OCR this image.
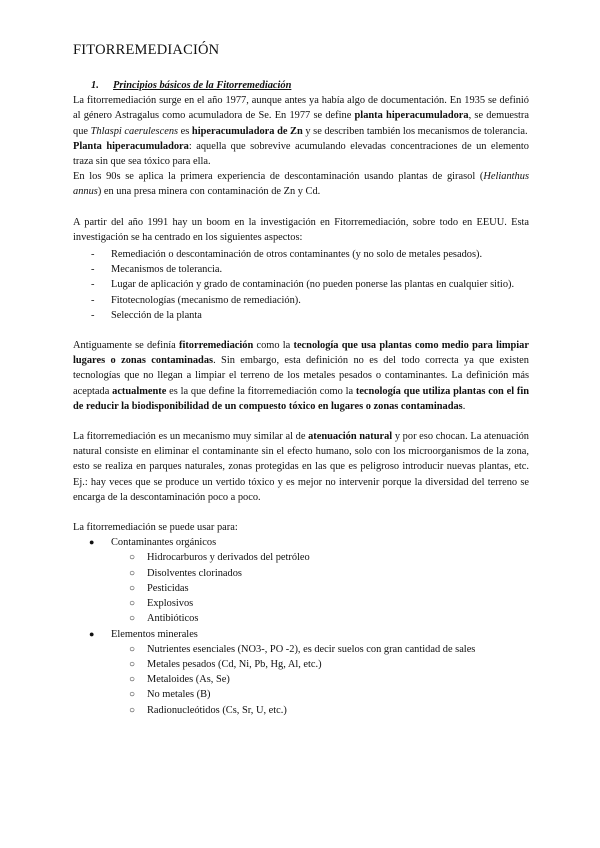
FITORREMEDIACIÓN

1. Principios básicos de la Fitorremediación

La fitorremediación surge en el año 1977, aunque antes ya había algo de documentación. En 1935 se definió al género Astragalus como acumuladora de Se. En 1977 se define planta hiperacumuladora, se demuestra que Thlaspi caerulescens es hiperacumuladora de Zn y se describen también los mecanismos de tolerancia.

Planta hiperacumuladora: aquella que sobrevive acumulando elevadas concentraciones de un elemento traza sin que sea tóxico para ella.

En los 90s se aplica la primera experiencia de descontaminación usando plantas de girasol (Helianthus annus) en una presa minera con contaminación de Zn y Cd.

A partir del año 1991 hay un boom en la investigación en Fitorremediación, sobre todo en EEUU. Esta investigación se ha centrado en los siguientes aspectos:

- Remediación o descontaminación de otros contaminantes (y no solo de metales pesados).
- Mecanismos de tolerancia.
- Lugar de aplicación y grado de contaminación (no pueden ponerse las plantas en cualquier sitio).
- Fitotecnologías (mecanismo de remediación).
- Selección de la planta

Antiguamente se definía fitorremediación como la tecnología que usa plantas como medio para limpiar lugares o zonas contaminadas. Sin embargo, esta definición no es del todo correcta ya que existen tecnologías que no llegan a limpiar el terreno de los metales pesados o contaminantes. La definición más aceptada actualmente es la que define la fitorremediación como la tecnología que utiliza plantas con el fin de reducir la biodisponibilidad de un compuesto tóxico en lugares o zonas contaminadas.

La fitorremediación es un mecanismo muy similar al de atenuación natural y por eso chocan. La atenuación natural consiste en eliminar el contaminante sin el efecto humano, solo con los microorganismos de la zona, esto se realiza en parques naturales, zonas protegidas en las que es peligroso introducir nuevas plantas, etc. Ej.: hay veces que se produce un vertido tóxico y es mejor no intervenir porque la diversidad del terreno se encarga de la descontaminación poco a poco.

La fitorremediación se puede usar para:

● Contaminantes orgánicos
○ Hidrocarburos y derivados del petróleo
○ Disolventes clorinados
○ Pesticidas
○ Explosivos
○ Antibióticos
● Elementos minerales
○ Nutrientes esenciales (NO3-, PO -2), es decir suelos con gran cantidad de sales
○ Metales pesados (Cd, Ni, Pb, Hg, Al, etc.)
○ Metaloides (As, Se)
○ No metales (B)
○ Radionucleótidos (Cs, Sr, U, etc.)
